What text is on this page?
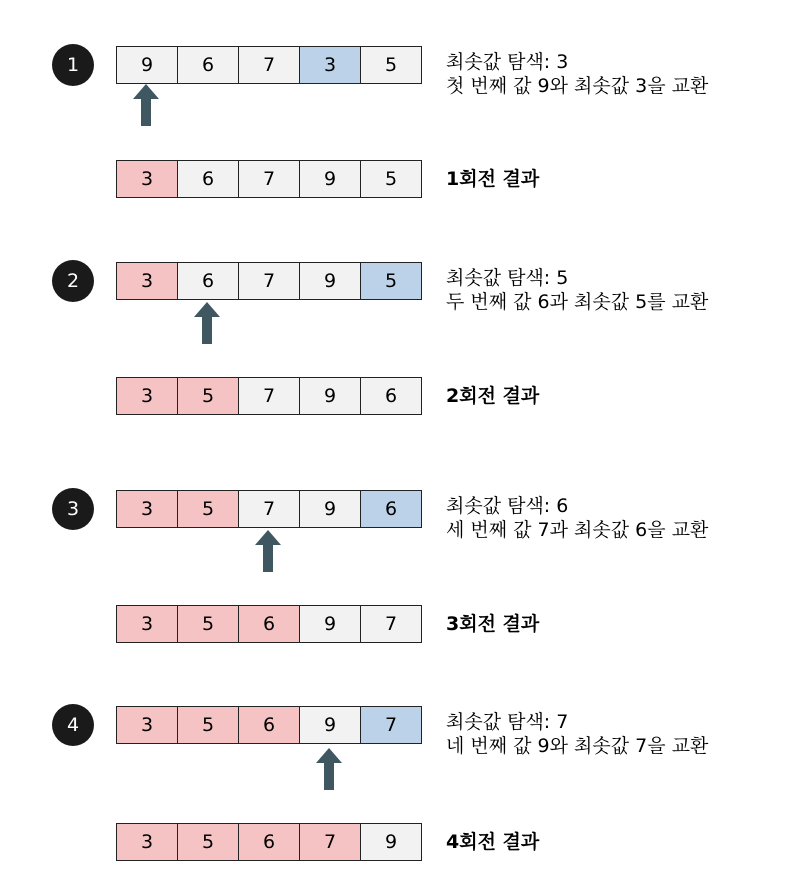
1	9	6	7	3	5	최솟값 탐색: 3
첫 번째 값 9와 최솟값 3을 교환
3	6	7	9	5	1회전 결과
2	3	6	7	9	5	최솟값 탐색: 5
두 번째 값 6과 최솟값 5를 교환
3	5	7	9	6	2회전 결과
3	3	5	7	9	6	최솟값 탐색: 6
세 번째 값 7과 최솟값 6을 교환
3	5	6	9	7	3회전 결과
4	3	5	6	9	7	최솟값 탐색: 7
네 번째 값 9와 최솟값 7을 교환
3	5	6	7	9	4회전 결과
